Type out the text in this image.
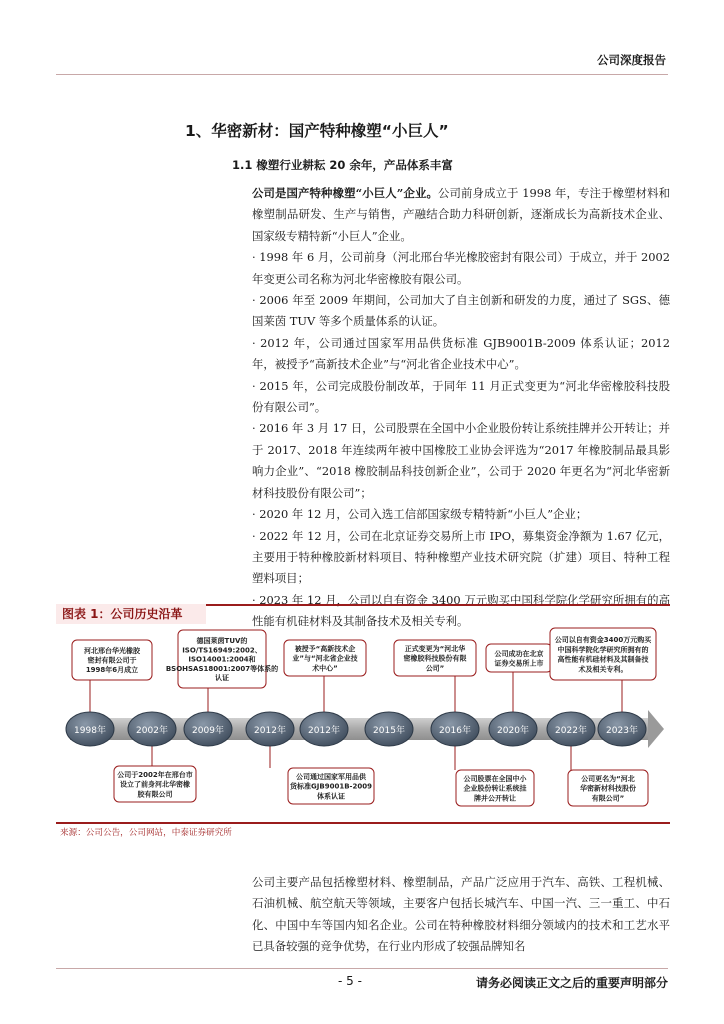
公司深度报告
1、华密新材：国产特种橡塑“小巨人”
1.1 橡塑行业耕耘 20 余年，产品体系丰富

公司是国产特种橡塑“小巨人”企业。公司前身成立于 1998 年，专注于橡塑材料和橡塑制品研发、生产与销售，产融结合助力科研创新，逐渐成长为高新技术企业、国家级专精特新“小巨人”企业。

· 1998 年 6 月，公司前身（河北邢台华光橡胶密封有限公司）于成立，并于 2002 年变更公司名称为河北华密橡胶有限公司。

· 2006 年至 2009 年期间，公司加大了自主创新和研发的力度，通过了 SGS、德国莱茵 TUV 等多个质量体系的认证。

· 2012 年，公司通过国家军用品供货标准 GJB9001B-2009 体系认证；2012 年，被授予“高新技术企业”与“河北省企业技术中心”。

· 2015 年，公司完成股份制改革，于同年 11 月正式变更为“河北华密橡胶科技股份有限公司”。

· 2016 年 3 月 17 日，公司股票在全国中小企业股份转让系统挂牌并公开转让；并于 2017、2018 年连续两年被中国橡胶工业协会评选为“2017 年橡胶制品最具影响力企业”、“2018 橡胶制品科技创新企业”，公司于 2020 年更名为“河北华密新材科技股份有限公司”；

· 2020 年 12 月，公司入选工信部国家级专精特新“小巨人”企业；

· 2022 年 12 月，公司在北京证券交易所上市 IPO，募集资金净额为 1.67 亿元，主要用于特种橡胶新材料项目、特种橡塑产业技术研究院（扩建）项目、特种工程塑料项目；

· 2023 年 12 月，公司以自有资金 3400 万元购买中国科学院化学研究所拥有的高性能有机硅材料及其制备技术及相关专利。

图表 1：公司历史沿革
1998年	2002年	2009年	2012年 2012年	2015年	2016年	2020年	2022年 2023年
河北邢台华光橡胶
密封有限公司于
1998年6月成立
德国莱茵TUV的
ISO/TS16949:2002、
ISO14001:2004和
BSOHSAS18001:2007等体系的
认证
被授予“高新技术企
业”与“河北省企业技
术中心”
正式变更为“河北华
密橡胶科技股份有限
公司”
公司成功在北京
证券交易所上市
公司以自有资金3400万元购买
中国科学院化学研究所拥有的
高性能有机硅材料及其制备技
术及相关专利。
公司于2002年在邢台市
设立了前身河北华密橡
胶有限公司
公司通过国家军用品供
货标准GJB9001B-2009
体系认证
公司股票在全国中小
企业股份转让系统挂
牌并公开转让
公司更名为“河北
华密新材科技股份
有限公司”
来源：公司公告，公司网站，中泰证券研究所

公司主要产品包括橡塑材料、橡塑制品，产品广泛应用于汽车、高铁、工程机械、石油机械、航空航天等领域，主要客户包括长城汽车、中国一汽、三一重工、中石化、中国中车等国内知名企业。公司在特种橡胶材料细分领域内的技术和工艺水平已具备较强的竞争优势，在行业内形成了较强品牌知名

- 5 -	请务必阅读正文之后的重要声明部分
